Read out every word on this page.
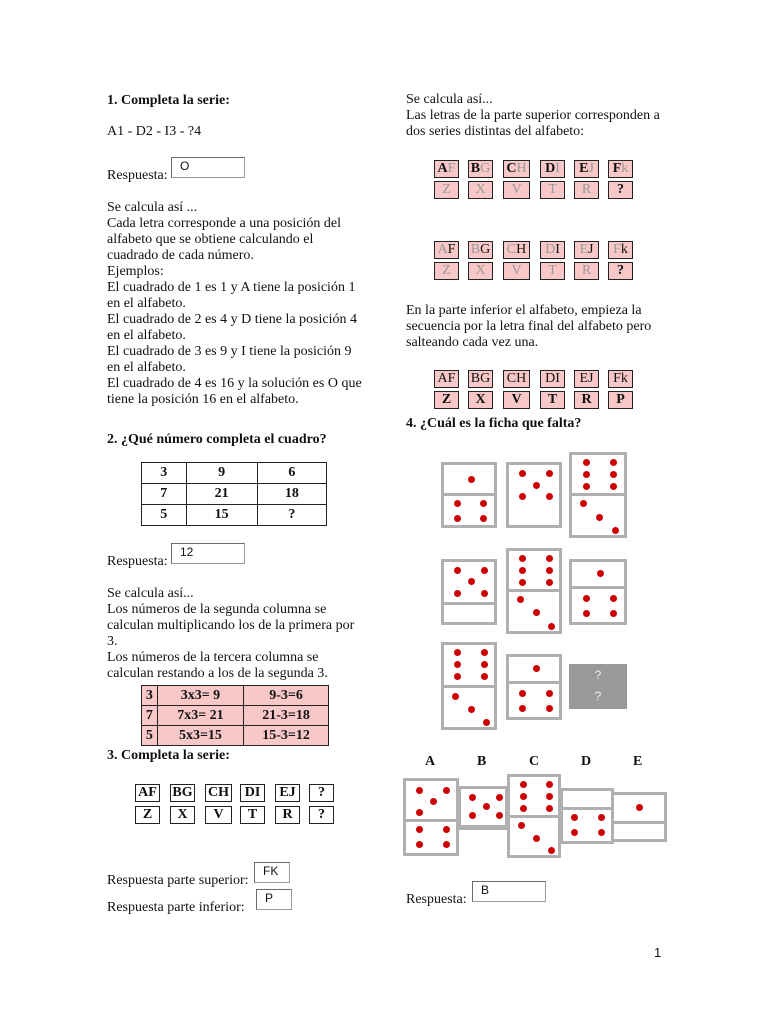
1. Completa la serie:
A1 - D2 - I3 - ?4
Respuesta:
O
Se calcula así ...
Cada letra corresponde a una posición del
alfabeto que se obtiene calculando el
cuadrado de cada número.
Ejemplos:
El cuadrado de 1 es 1 y A tiene la posición 1
en el alfabeto.
El cuadrado de 2 es 4 y D tiene la posición 4
en el alfabeto.
El cuadrado de 3 es 9 y I tiene la posición 9
en el alfabeto.
El cuadrado de 4 es 16 y la solución es O que
tiene la posición 16 en el alfabeto.
2. ¿Qué número completa el cuadro?
3	9	6
7	21	18
5	15	?
Respuesta:
12
Se calcula así...
Los números de la segunda columna se
calculan multiplicando los de la primera por
3.
Los números de la tercera columna se
calculan restando a los de la segunda 3.
3	3x3= 9	9-3=6
7	7x3= 21	21-3=18
5	5x3=15	15-3=12
3. Completa la serie:
AF BG CH	DI	EJ	?
Z	X	V	T	R	?
Respuesta parte superior:
FK
Respuesta parte inferior:
P
Se calcula así...
Las letras de la parte superior corresponden a
dos series distintas del alfabeto:
AF BG CH	DI	EJ	Fk
Z	X	V	T	R	?
AF BG CH	DI	EJ	Fk
Z	X	V	T	R	?
En la parte inferior el alfabeto, empieza la
secuencia por la letra final del alfabeto pero
salteando cada vez una.
AF BG CH	DI	EJ	Fk
Z	X	V	T	R	P
4. ¿Cuál es la ficha que falta?
?
?
A	B	C	D	E
Respuesta:
B
1
